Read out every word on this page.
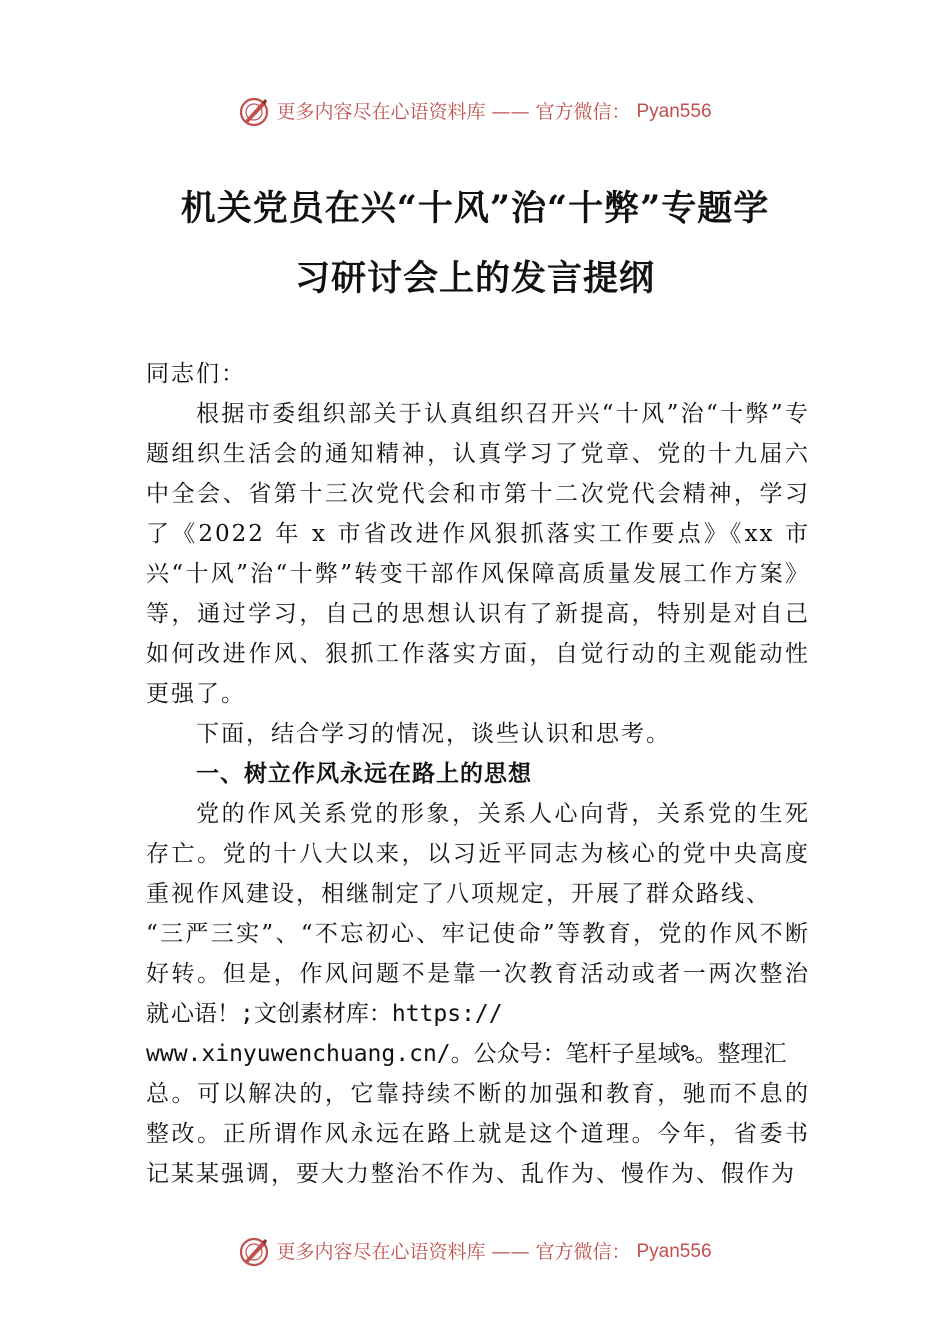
更多内容尽在心语资料库 —— 官方微信： Pyan556
机关党员在兴“十风”治“十弊”专题学
习研讨会上的发言提纲

同志们：

根据市委组织部关于认真组织召开兴“十风”治“十弊”专题组织生活会的通知精神，认真学习了党章、党的十九届六中全会、省第十三次党代会和市第十二次党代会精神，学习了《2022 年 x 市省改进作风狠抓落实工作要点》《xx 市兴“十风”治“十弊”转变干部作风保障高质量发展工作方案》等，通过学习，自己的思想认识有了新提高，特别是对自己如何改进作风、狠抓工作落实方面，自觉行动的主观能动性更强了。

下面，结合学习的情况，谈些认识和思考。

一、树立作风永远在路上的思想

党的作风关系党的形象，关系人心向背，关系党的生死存亡。党的十八大以来，以习近平同志为核心的党中央高度重视作风建设，相继制定了八项规定，开展了群众路线、
“三严三实”、“不忘初心、牢记使命”等教育，党的作风不断好转。但是，作风问题不是靠一次教育活动或者一两次整治就心语！;文创素材库：https://
www.xinyuwenchuang.cn/。公众号：笔杆子星域%。整理汇
总。可以解决的，它靠持续不断的加强和教育，驰而不息的整改。正所谓作风永远在路上就是这个道理。今年，省委书记某某强调，要大力整治不作为、乱作为、慢作为、假作为

更多内容尽在心语资料库 —— 官方微信： Pyan556
